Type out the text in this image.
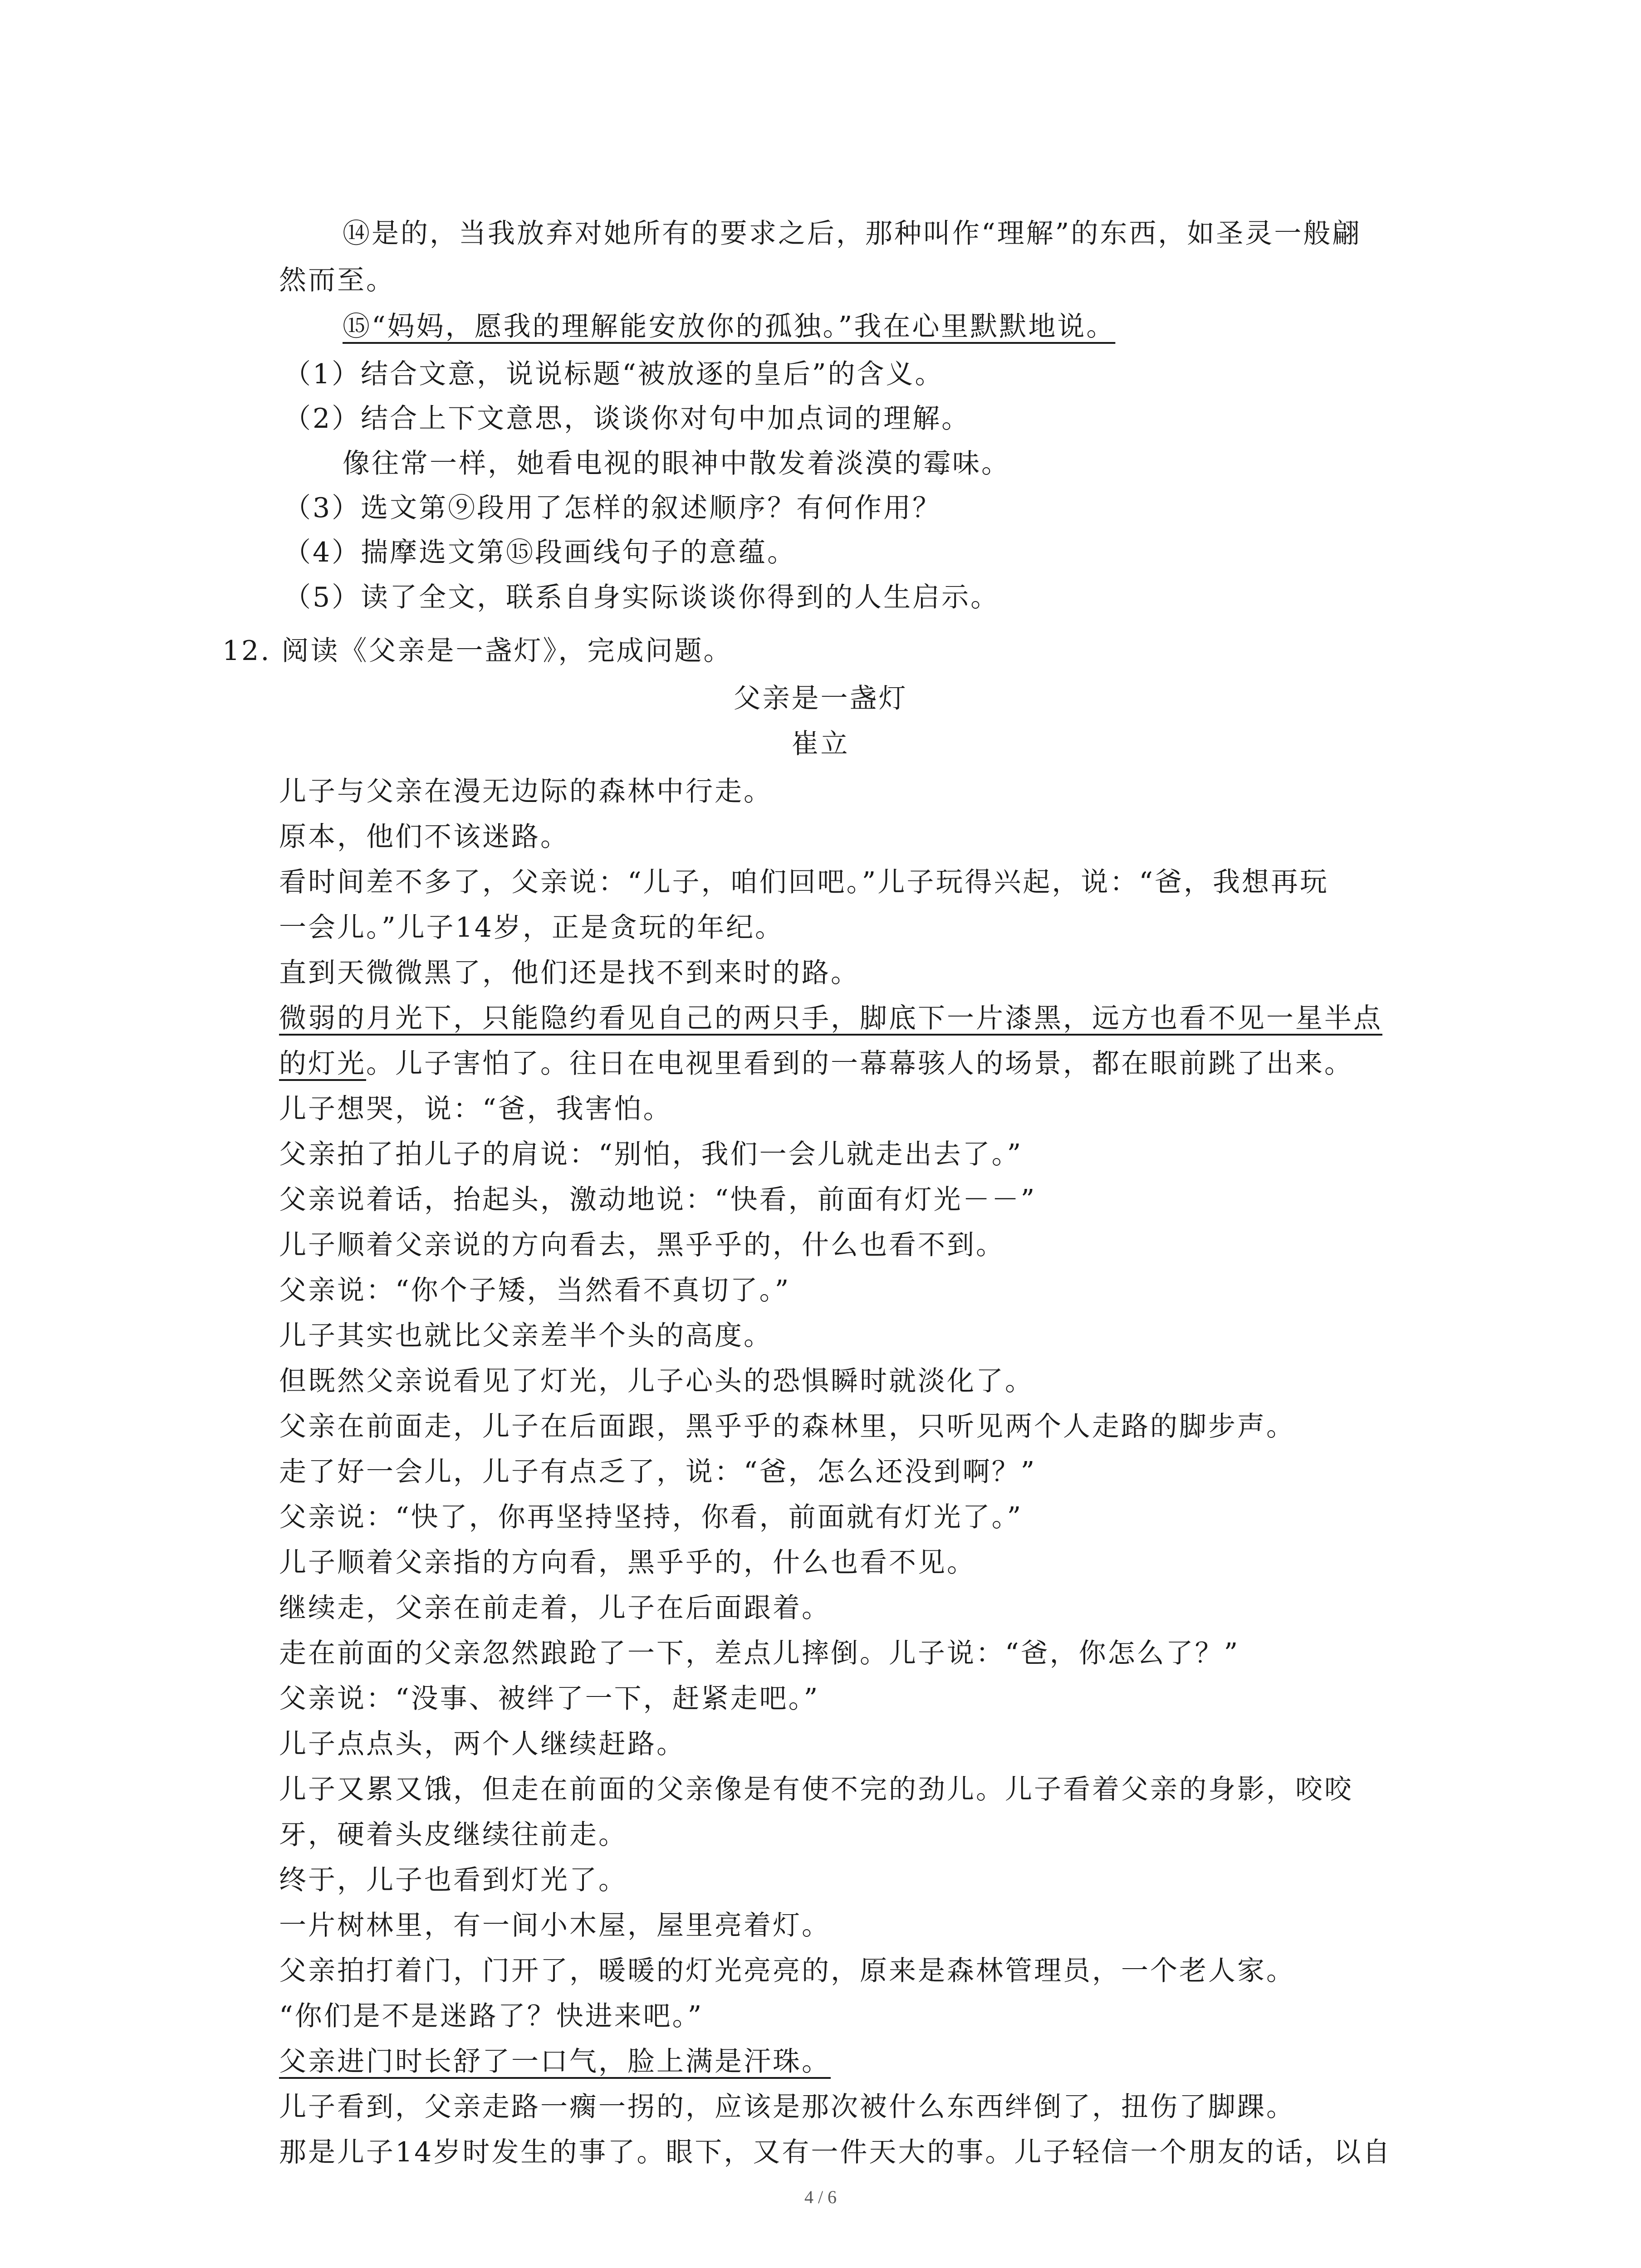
⑭是的，当我放弃对她所有的要求之后，那种叫作“理解”的东西，如圣灵一般翩
然而至。
⑮“妈妈，愿我的理解能安放你的孤独。”我在心里默默地说。
（1）结合文意，说说标题“被放逐的皇后”的含义。
（2）结合上下文意思，谈谈你对句中加点词的理解。
像往常一样，她看电视的眼神中散发着淡漠的霉味。
（3）选文第⑨段用了怎样的叙述顺序？有何作用？
（4）揣摩选文第⑮段画线句子的意蕴。
（5）读了全文，联系自身实际谈谈你得到的人生启示。
12. 阅读《父亲是一盏灯》，完成问题。
父亲是一盏灯
崔立
儿子与父亲在漫无边际的森林中行走。
原本，他们不该迷路。
看时间差不多了，父亲说：“儿子，咱们回吧。”儿子玩得兴起，说：“爸，我想再玩
一会儿。”儿子14岁，正是贪玩的年纪。
直到天微微黑了，他们还是找不到来时的路。
微弱的月光下，只能隐约看见自己的两只手，脚底下一片漆黑，远方也看不见一星半点
的灯光。儿子害怕了。往日在电视里看到的一幕幕骇人的场景，都在眼前跳了出来。
儿子想哭，说：“爸，我害怕。
父亲拍了拍儿子的肩说：“别怕，我们一会儿就走出去了。”
父亲说着话，抬起头，激动地说：“快看，前面有灯光－－”
儿子顺着父亲说的方向看去，黑乎乎的，什么也看不到。
父亲说：“你个子矮，当然看不真切了。”
儿子其实也就比父亲差半个头的高度。
但既然父亲说看见了灯光，儿子心头的恐惧瞬时就淡化了。
父亲在前面走，儿子在后面跟，黑乎乎的森林里，只听见两个人走路的脚步声。
走了好一会儿，儿子有点乏了，说：“爸，怎么还没到啊？”
父亲说：“快了，你再坚持坚持，你看，前面就有灯光了。”
儿子顺着父亲指的方向看，黑乎乎的，什么也看不见。
继续走，父亲在前走着，儿子在后面跟着。
走在前面的父亲忽然踉跄了一下，差点儿摔倒。儿子说：“爸，你怎么了？”
父亲说：“没事、被绊了一下，赶紧走吧。”
儿子点点头，两个人继续赶路。
儿子又累又饿，但走在前面的父亲像是有使不完的劲儿。儿子看着父亲的身影，咬咬
牙，硬着头皮继续往前走。
终于，儿子也看到灯光了。
一片树林里，有一间小木屋，屋里亮着灯。
父亲拍打着门，门开了，暖暖的灯光亮亮的，原来是森林管理员，一个老人家。
“你们是不是迷路了？快进来吧。”
父亲进门时长舒了一口气，脸上满是汗珠。
儿子看到，父亲走路一瘸一拐的，应该是那次被什么东西绊倒了，扭伤了脚踝。
那是儿子14岁时发生的事了。眼下，又有一件天大的事。儿子轻信一个朋友的话，以自
4 / 6
